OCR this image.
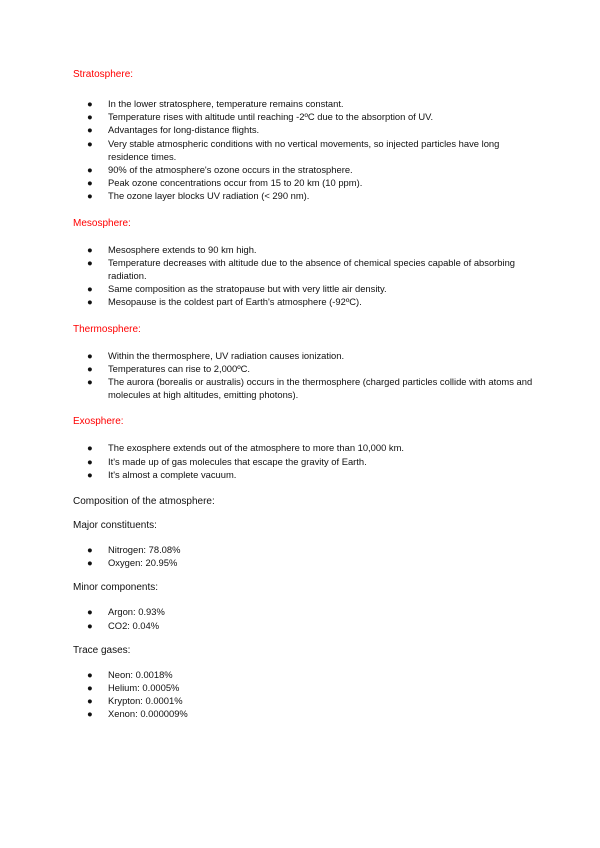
Stratosphere:

● In the lower stratosphere, temperature remains constant.
● Temperature rises with altitude until reaching -2ºC due to the absorption of UV.
● Advantages for long-distance flights.
● Very stable atmospheric conditions with no vertical movements, so injected particles have long residence times.
● 90% of the atmosphere's ozone occurs in the stratosphere.
● Peak ozone concentrations occur from 15 to 20 km (10 ppm).
● The ozone layer blocks UV radiation (< 290 nm).

Mesosphere:

● Mesosphere extends to 90 km high.
● Temperature decreases with altitude due to the absence of chemical species capable of absorbing radiation.
● Same composition as the stratopause but with very little air density.
● Mesopause is the coldest part of Earth's atmosphere (-92ºC).

Thermosphere:

● Within the thermosphere, UV radiation causes ionization.
● Temperatures can rise to 2,000ºC.
● The aurora (borealis or australis) occurs in the thermosphere (charged particles collide with atoms and molecules at high altitudes, emitting photons).

Exosphere:

● The exosphere extends out of the atmosphere to more than 10,000 km.
● It's made up of gas molecules that escape the gravity of Earth.
● It's almost a complete vacuum.

Composition of the atmosphere:

Major constituents:

● Nitrogen: 78.08%
● Oxygen: 20.95%

Minor components:

● Argon: 0.93%
● CO2: 0.04%

Trace gases:

● Neon: 0.0018%
● Helium: 0.0005%
● Krypton: 0.0001%
● Xenon: 0.000009%
